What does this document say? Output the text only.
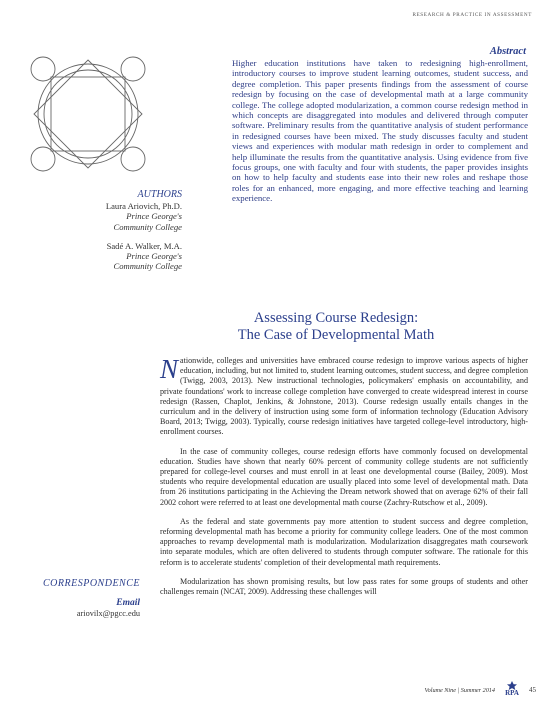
RESEARCH & PRACTICE IN ASSESSMENT
Abstract
Higher education institutions have taken to redesigning high-enrollment, introductory courses to improve student learning outcomes, student success, and degree completion. This paper presents findings from the assessment of course redesign by focusing on the case of developmental math at a large community college. The college adopted modularization, a common course redesign method in which concepts are disaggregated into modules and delivered through computer software. Preliminary results from the quantitative analysis of student performance in redesigned courses have been mixed. The study discusses faculty and student views and experiences with modular math redesign in order to complement and help illuminate the results from the quantitative analysis. Using evidence from five focus groups, one with faculty and four with students, the paper provides insights on how to help faculty and students ease into their new roles and reshape those roles for an enhanced, more engaging, and more effective teaching and learning experience.
AUTHORS
Laura Ariovich, Ph.D.
Prince George's
Community College
Sadé A. Walker, M.A.
Prince George's
Community College
Assessing Course Redesign:
The Case of Developmental Math

Nationwide, colleges and universities have embraced course redesign to improve various aspects of higher education, including, but not limited to, student learning outcomes, student success, and degree completion (Twigg, 2003, 2013). New instructional technologies, policymakers' emphasis on accountability, and private foundations' work to increase college completion have converged to create widespread interest in course redesign (Rassen, Chaplot, Jenkins, & Johnstone, 2013). Course redesign usually entails changes in the curriculum and in the delivery of instruction using some form of information technology (Education Advisory Board, 2013; Twigg, 2003). Typically, course redesign initiatives have targeted college-level introductory, high-enrollment courses.

In the case of community colleges, course redesign efforts have commonly focused on developmental education. Studies have shown that nearly 60% percent of community college students are not sufficiently prepared for college-level courses and must enroll in at least one developmental course (Bailey, 2009). Most students who require developmental education are usually placed into some level of developmental math. Data from 26 institutions participating in the Achieving the Dream network showed that on average 62% of their fall 2002 cohort were referred to at least one developmental math course (Zachry-Rutschow et al., 2009).

As the federal and state governments pay more attention to student success and degree completion, reforming developmental math has become a priority for community college leaders. One of the most common approaches to revamp developmental math is modularization. Modularization disaggregates math coursework into separate modules, which are often delivered to students through computer software. The rationale for this reform is to accelerate students' completion of their developmental math requirements.

Modularization has shown promising results, but low pass rates for some groups of students and other challenges remain (NCAT, 2009). Addressing these challenges will

CORRESPONDENCE
Email
ariovilx@pgcc.edu
Volume Nine | Summer 2014 RPA 45
